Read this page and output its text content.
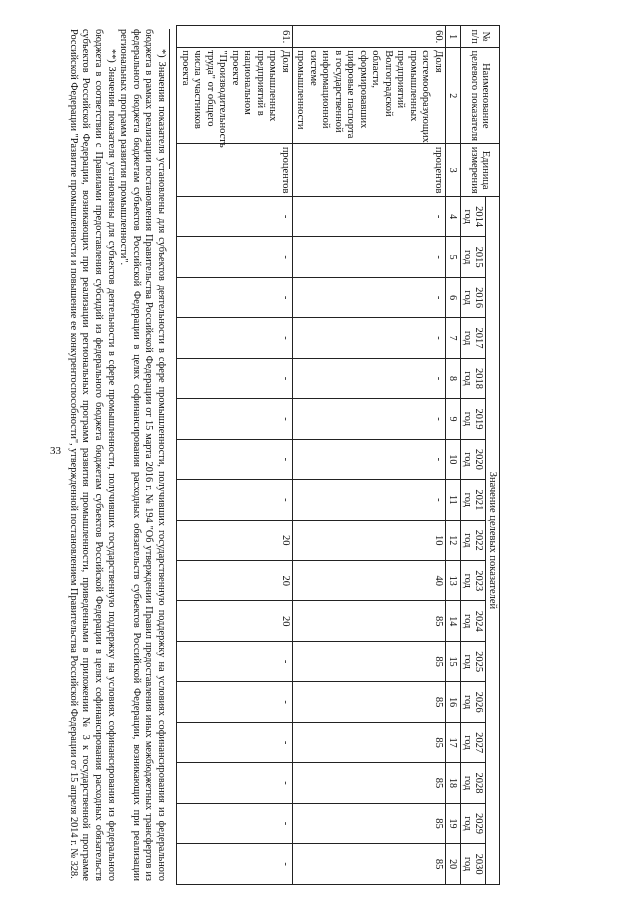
33
№ п/п	Наименование целевого показателя	Единица измерения	Значение целевых показателей																
			2014 год	2015 год	2016 год	2017 год	2018 год	2019 год	2020 год	2021 год	2022 год	2023 год	2024 год	2025 год	2026 год	2027 год	2028 год	2029 год	2030 год
1	2	3	4	5	6	7	8	9	10	11	12	13	14	15	16	17	18	19	20
60.	Доля системообразующих промышленных предприятий Волгоградской области, сформировавших цифровые паспорта в государственной информационной системе промышленности	процентов	-	-	-	-	-	-	-	-	10	40	85	85	85	85	85	85	85
61.	Доля промышленных предприятий в национальном проекте "Производительность труда" от общего числа участников проекта	процентов	-	-	-	-	-	-	-	-	20	20	20	-	-	-	-	-	-

*) Значения показателя установлены для субъектов деятельности в сфере промышленности, получивших государственную поддержку на условиях софинансирования из федерального бюджета в рамках реализации постановления Правительства Российской Федерации от 15 марта 2016 г. № 194 "Об утверждении Правил предоставления иных межбюджетных трансфертов из федерального бюджета бюджетам субъектов Российской Федерации в целях софинансирования расходных обязательств субъектов Российской Федерации, возникающих при реализации региональных программ развития промышленности".

**) Значения показателя установлены для субъектов деятельности в сфере промышленности, получивших государственную поддержку на условиях софинансирования из федерального бюджета в соответствии с Правилами предоставления субсидий из федерального бюджета бюджетам субъектов Российской Федерации в целях софинансирования расходных обязательств субъектов Российской Федерации, возникающих при реализации региональных программ развития промышленности, приведенными в приложении № 3 к государственной программе Российской Федерации "Развитие промышленности и повышение ее конкурентоспособности", утвержденной постановлением Правительства Российской Федерации от 15 апреля 2014 г. № 328.
